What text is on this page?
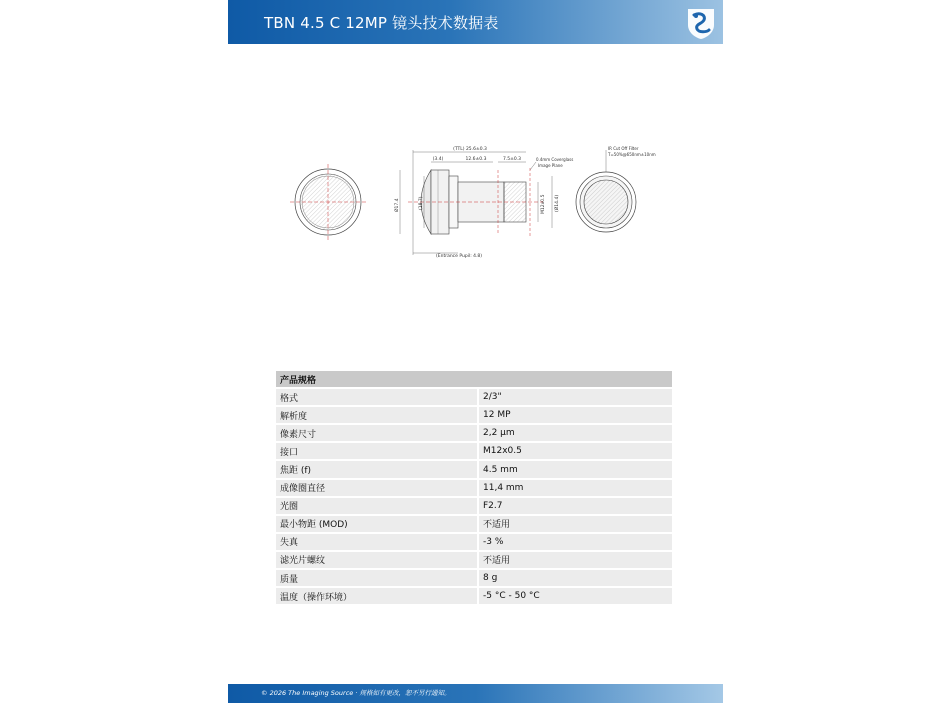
TBN 4.5 C 12MP 镜头技术数据表
(TTL) 25.6±0.3
(3.4)	12.6±0.3	7.5±0.3	0.4mm Coverglass
Image Plane
Ø17.4	(18.7)	M12x0.5	(Ø14.4)
(Entrance Pupil: 4.8)
IR Cut Off Filter
T=50%@650nm±10nm
产品规格	
格式	2/3"
解析度	12 MP
像素尺寸	2,2 µm
接口	M12x0.5
焦距 (f)	4.5 mm
成像圈直径	11,4 mm
光圈	F2.7
最小物距 (MOD)	不适用
失真	-3 %
滤光片螺纹	不适用
质量	8 g
温度（操作环境）	-5 °C - 50 °C
© 2026 The Imaging Source · 规格如有更改，恕不另行通知。
